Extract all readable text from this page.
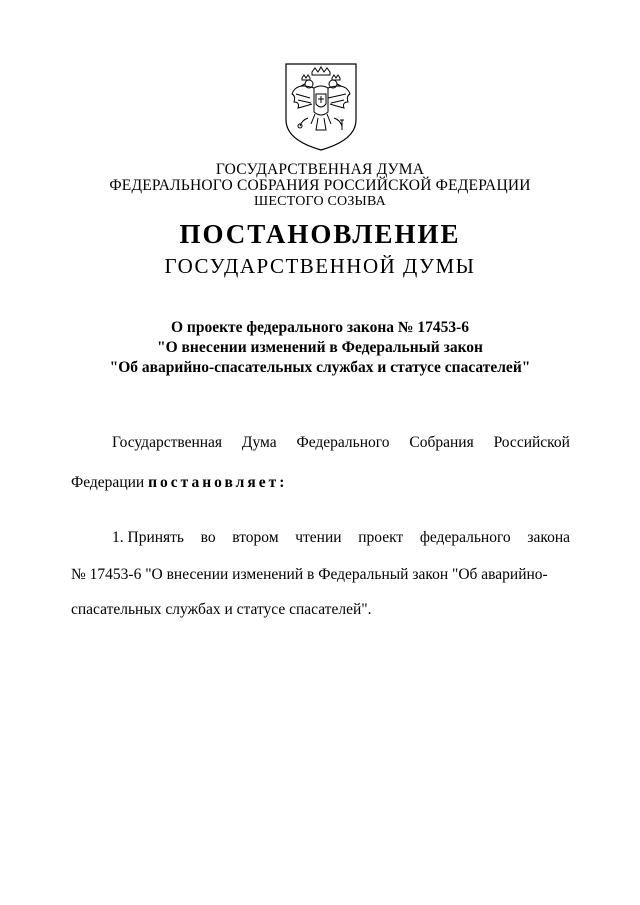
ГОСУДАРСТВЕННАЯ ДУМА
ФЕДЕРАЛЬНОГО СОБРАНИЯ РОССИЙСКОЙ ФЕДЕРАЦИИ
ШЕСТОГО СОЗЫВА
ПОСТАНОВЛЕНИЕ
ГОСУДАРСТВЕННОЙ ДУМЫ
О проекте федерального закона № 17453-6
"О внесении изменений в Федеральный закон
"Об аварийно-спасательных службах и статусе спасателей"
Государственная Дума Федерального Собрания Российской
Федерации постановляет:
1. Принять во втором чтении проект федерального закона
№ 17453-6 "О внесении изменений в Федеральный закон "Об аварийно-
спасательных службах и статусе спасателей".
